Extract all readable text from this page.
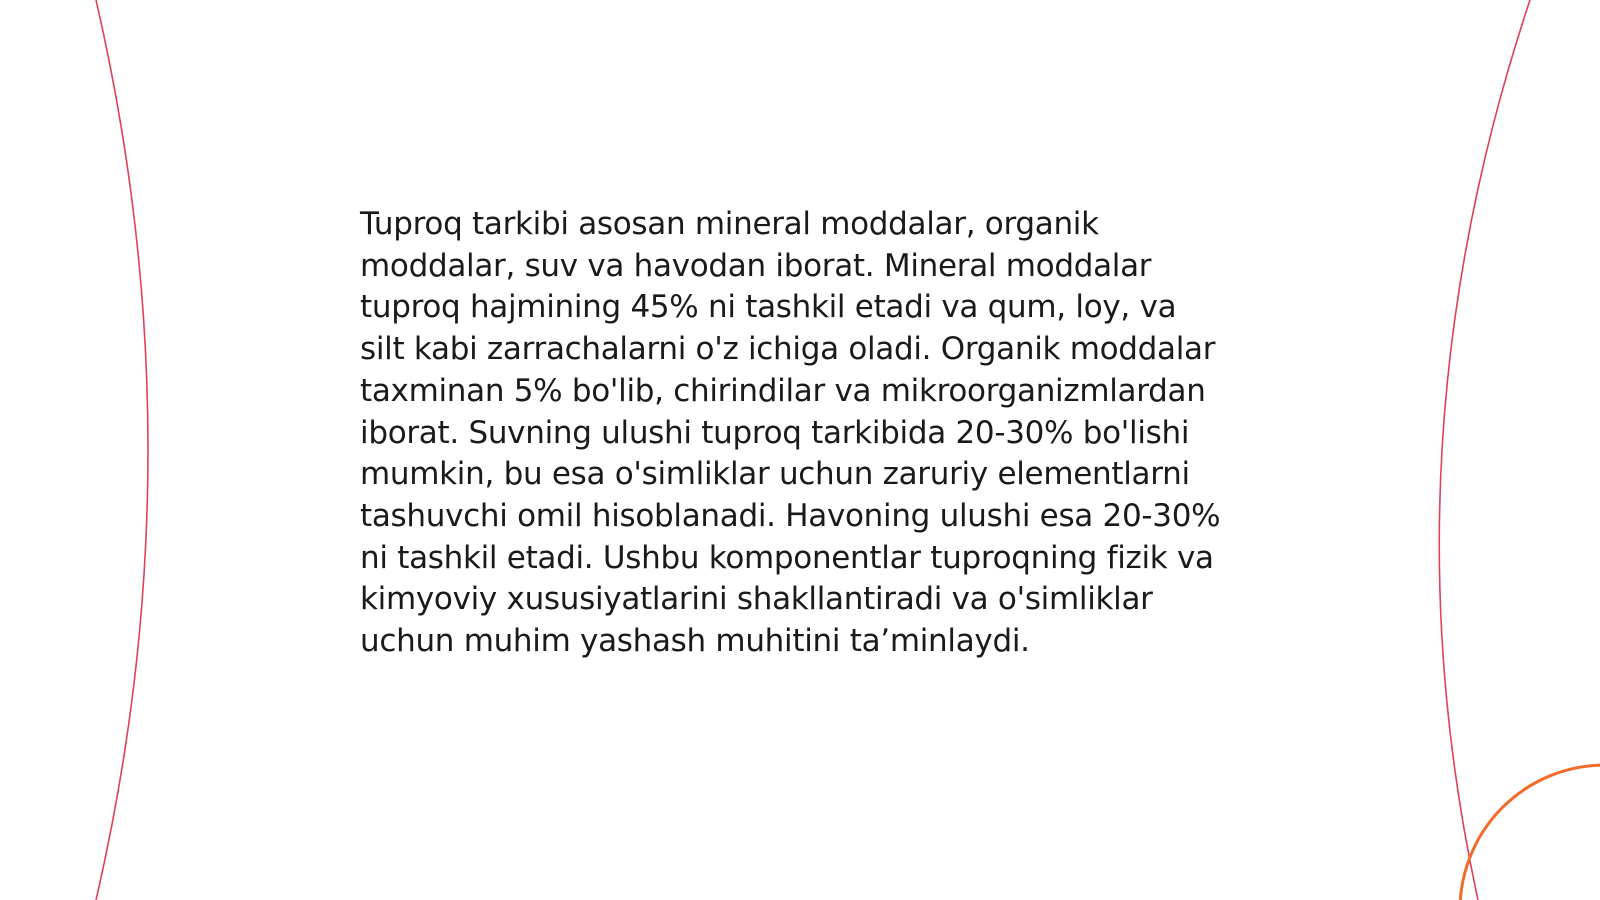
Tuproq tarkibi asosan mineral moddalar, organik moddalar, suv va havodan iborat. Mineral moddalar tuproq hajmining 45% ni tashkil etadi va qum, loy, va silt kabi zarrachalarni o'z ichiga oladi. Organik moddalar taxminan 5% bo'lib, chirindilar va mikroorganizmlardan iborat. Suvning ulushi tuproq tarkibida 20-30% bo'lishi mumkin, bu esa o'simliklar uchun zaruriy elementlarni tashuvchi omil hisoblanadi. Havoning ulushi esa 20-30% ni tashkil etadi. Ushbu komponentlar tuproqning fizik va kimyoviy xususiyatlarini shakllantiradi va o'simliklar uchun muhim yashash muhitini ta’minlaydi.
